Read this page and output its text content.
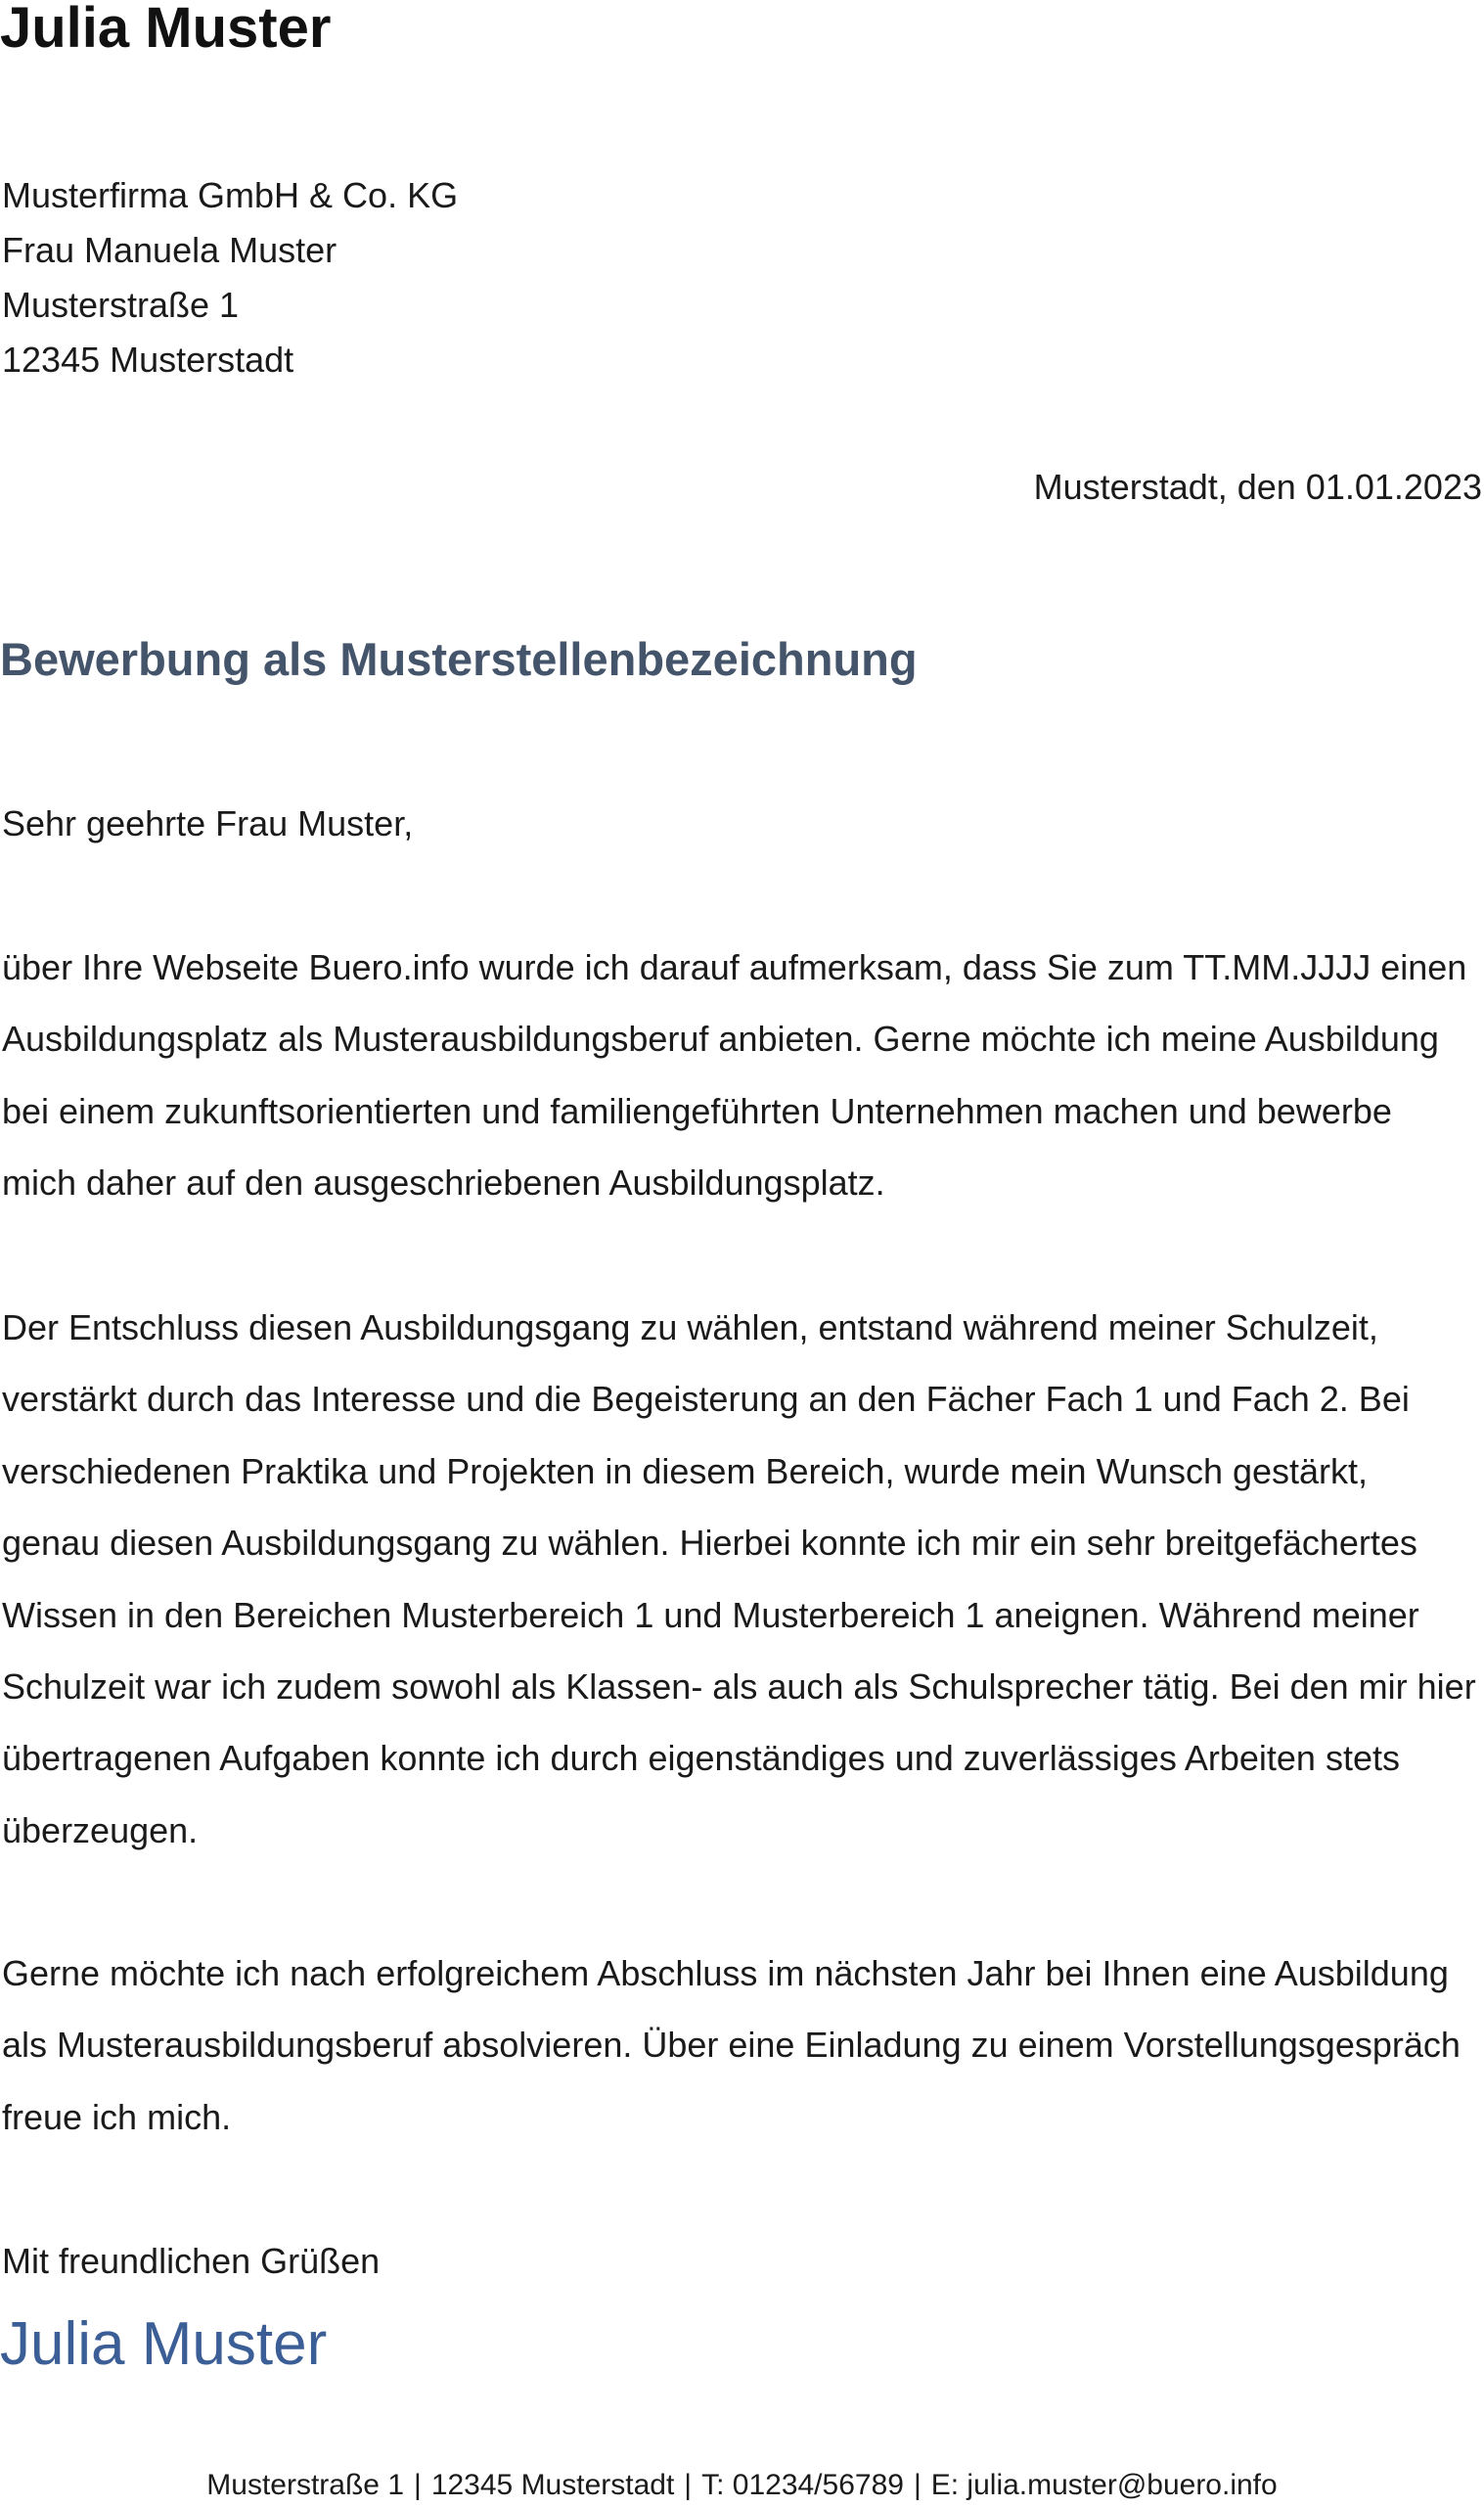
Julia Muster
Musterfirma GmbH & Co. KG
Frau Manuela Muster
Musterstraße 1
12345 Musterstadt
Musterstadt, den 01.01.2023
Bewerbung als Musterstellenbezeichnung
Sehr geehrte Frau Muster,
über Ihre Webseite Buero.info wurde ich darauf aufmerksam, dass Sie zum TT.MM.JJJJ einen
Ausbildungsplatz als Musterausbildungsberuf anbieten. Gerne möchte ich meine Ausbildung
bei einem zukunftsorientierten und familiengeführten Unternehmen machen und bewerbe
mich daher auf den ausgeschriebenen Ausbildungsplatz.
Der Entschluss diesen Ausbildungsgang zu wählen, entstand während meiner Schulzeit,
verstärkt durch das Interesse und die Begeisterung an den Fächer Fach 1 und Fach 2. Bei
verschiedenen Praktika und Projekten in diesem Bereich, wurde mein Wunsch gestärkt,
genau diesen Ausbildungsgang zu wählen. Hierbei konnte ich mir ein sehr breitgefächertes
Wissen in den Bereichen Musterbereich 1 und Musterbereich 1 aneignen. Während meiner
Schulzeit war ich zudem sowohl als Klassen- als auch als Schulsprecher tätig. Bei den mir hier
übertragenen Aufgaben konnte ich durch eigenständiges und zuverlässiges Arbeiten stets
überzeugen.
Gerne möchte ich nach erfolgreichem Abschluss im nächsten Jahr bei Ihnen eine Ausbildung
als Musterausbildungsberuf absolvieren. Über eine Einladung zu einem Vorstellungsgespräch
freue ich mich.
Mit freundlichen Grüßen
Julia Muster
Musterstraße 1 | 12345 Musterstadt | T: 01234/56789 | E: julia.muster@buero.info
